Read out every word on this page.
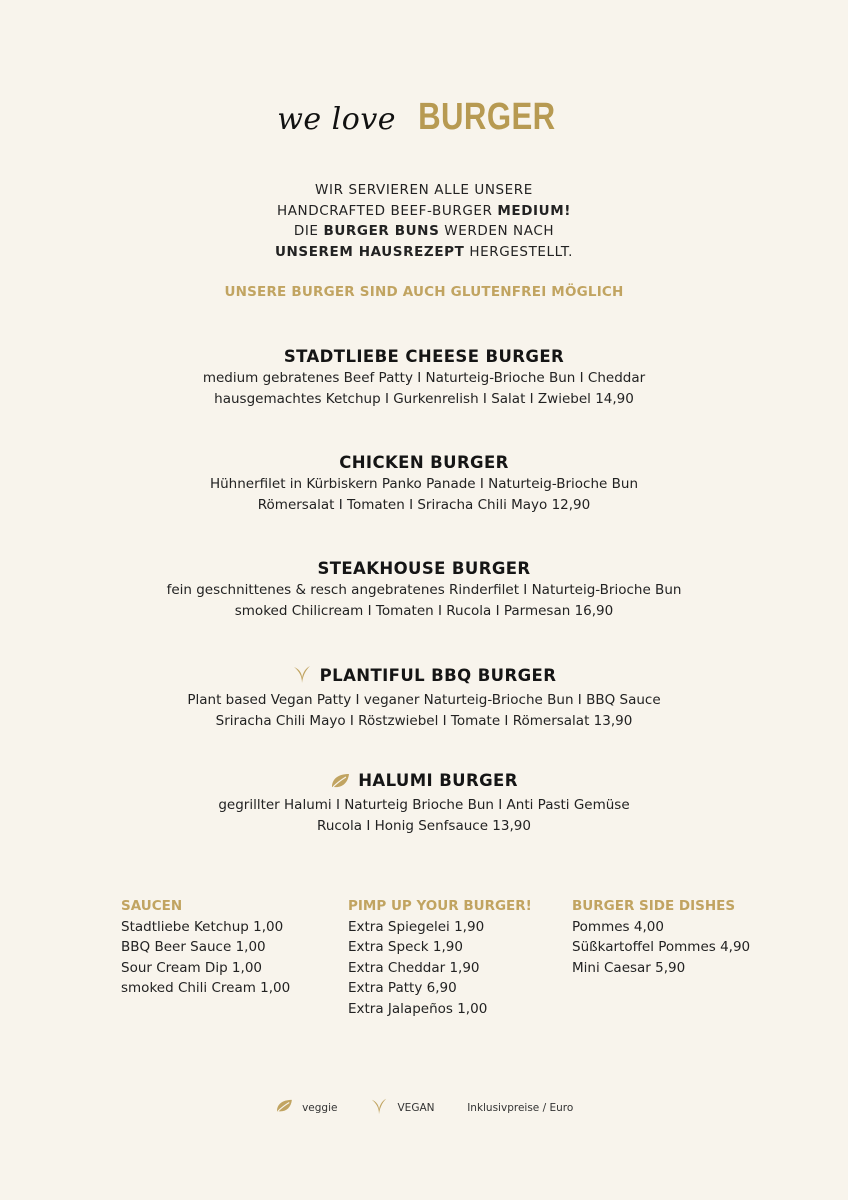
we love BURGER
WIR SERVIEREN ALLE UNSERE
HANDCRAFTED BEEF-BURGER MEDIUM!
DIE BURGER BUNS WERDEN NACH
UNSEREM HAUSREZEPT HERGESTELLT.
UNSERE BURGER SIND AUCH GLUTENFREI MÖGLICH
STADTLIEBE CHEESE BURGER
medium gebratenes Beef Patty I Naturteig-Brioche Bun I Cheddar
hausgemachtes Ketchup I Gurkenrelish I Salat I Zwiebel 14,90
CHICKEN BURGER
Hühnerfilet in Kürbiskern Panko Panade I Naturteig-Brioche Bun
Römersalat I Tomaten I Sriracha Chili Mayo 12,90
STEAKHOUSE BURGER
fein geschnittenes & resch angebratenes Rinderfilet I Naturteig-Brioche Bun
smoked Chilicream I Tomaten I Rucola I Parmesan 16,90
PLANTIFUL BBQ BURGER
Plant based Vegan Patty I veganer Naturteig-Brioche Bun I BBQ Sauce
Sriracha Chili Mayo I Röstzwiebel I Tomate I Römersalat 13,90
HALUMI BURGER
gegrillter Halumi I Naturteig Brioche Bun I Anti Pasti Gemüse
Rucola I Honig Senfsauce 13,90
SAUCEN
Stadtliebe Ketchup 1,00
BBQ Beer Sauce 1,00
Sour Cream Dip 1,00
smoked Chili Cream 1,00
PIMP UP YOUR BURGER!
Extra Spiegelei 1,90
Extra Speck 1,90
Extra Cheddar 1,90
Extra Patty 6,90
Extra Jalapeños 1,00
BURGER SIDE DISHES
Pommes 4,00
Süßkartoffel Pommes 4,90
Mini Caesar 5,90
veggie	VEGAN	Inklusivpreise / Euro
